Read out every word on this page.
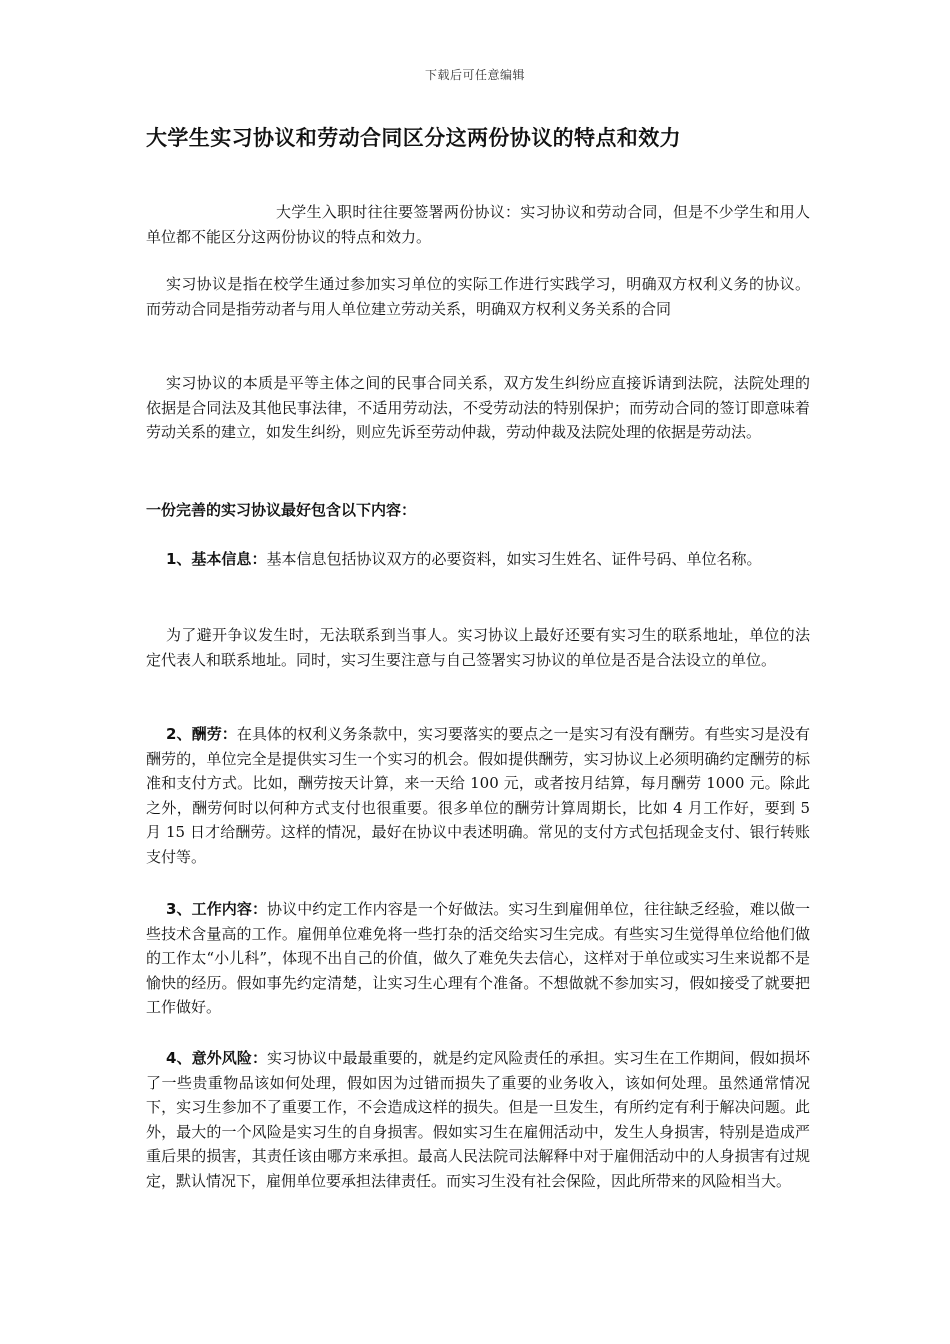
下载后可任意编辑
大学生实习协议和劳动合同区分这两份协议的特点和效力

大学生入职时往往要签署两份协议：实习协议和劳动合同，但是不少学生和用人单位都不能区分这两份协议的特点和效力。

实习协议是指在校学生通过参加实习单位的实际工作进行实践学习，明确双方权利义务的协议。而劳动合同是指劳动者与用人单位建立劳动关系，明确双方权利义务关系的合同

实习协议的本质是平等主体之间的民事合同关系，双方发生纠纷应直接诉请到法院，法院处理的依据是合同法及其他民事法律，不适用劳动法，不受劳动法的特别保护；而劳动合同的签订即意味着劳动关系的建立，如发生纠纷，则应先诉至劳动仲裁，劳动仲裁及法院处理的依据是劳动法。

一份完善的实习协议最好包含以下内容：

1、基本信息：基本信息包括协议双方的必要资料，如实习生姓名、证件号码、单位名称。

为了避开争议发生时，无法联系到当事人。实习协议上最好还要有实习生的联系地址，单位的法定代表人和联系地址。同时，实习生要注意与自己签署实习协议的单位是否是合法设立的单位。

2、酬劳：在具体的权利义务条款中，实习要落实的要点之一是实习有没有酬劳。有些实习是没有酬劳的，单位完全是提供实习生一个实习的机会。假如提供酬劳，实习协议上必须明确约定酬劳的标准和支付方式。比如，酬劳按天计算，来一天给 100 元，或者按月结算，每月酬劳 1000 元。除此之外，酬劳何时以何种方式支付也很重要。很多单位的酬劳计算周期长，比如 4 月工作好，要到 5 月 15 日才给酬劳。这样的情况，最好在协议中表述明确。常见的支付方式包括现金支付、银行转账支付等。

3、工作内容：协议中约定工作内容是一个好做法。实习生到雇佣单位，往往缺乏经验，难以做一些技术含量高的工作。雇佣单位难免将一些打杂的活交给实习生完成。有些实习生觉得单位给他们做的工作太“小儿科”，体现不出自己的价值，做久了难免失去信心，这样对于单位或实习生来说都不是愉快的经历。假如事先约定清楚，让实习生心理有个准备。不想做就不参加实习，假如接受了就要把工作做好。

4、意外风险：实习协议中最最重要的，就是约定风险责任的承担。实习生在工作期间，假如损坏了一些贵重物品该如何处理，假如因为过错而损失了重要的业务收入，该如何处理。虽然通常情况下，实习生参加不了重要工作，不会造成这样的损失。但是一旦发生，有所约定有利于解决问题。此外，最大的一个风险是实习生的自身损害。假如实习生在雇佣活动中，发生人身损害，特别是造成严重后果的损害，其责任该由哪方来承担。最高人民法院司法解释中对于雇佣活动中的人身损害有过规定，默认情况下，雇佣单位要承担法律责任。而实习生没有社会保险，因此所带来的风险相当大。
